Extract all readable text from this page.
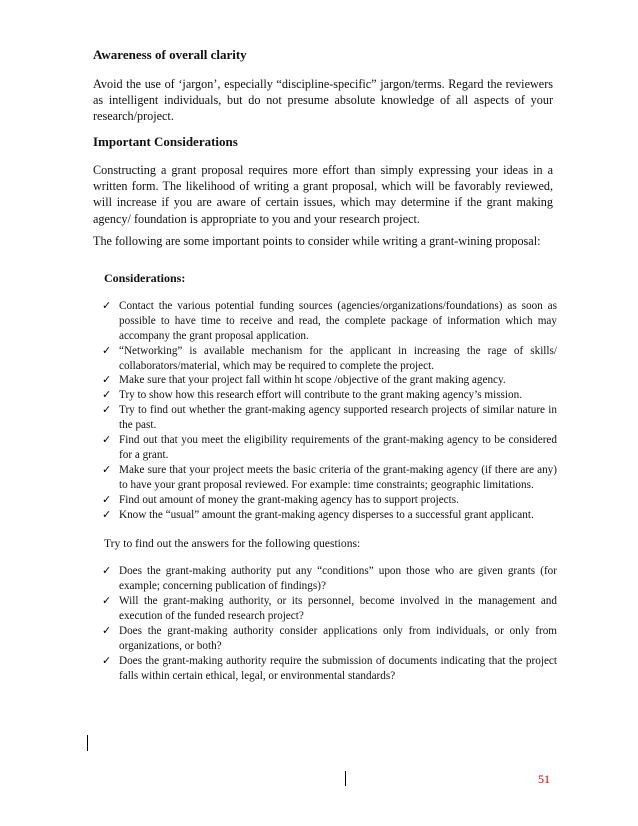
Awareness of overall clarity
Avoid the use of ‘jargon’, especially “discipline-specific” jargon/terms. Regard the reviewers as intelligent individuals, but do not presume absolute knowledge of all aspects of your research/project.
Important Considerations
Constructing a grant proposal requires more effort than simply expressing your ideas in a written form. The likelihood of writing a grant proposal, which will be favorably reviewed, will increase if you are aware of certain issues, which may determine if the grant making agency/ foundation is appropriate to you and your research project.
The following are some important points to consider while writing a grant-wining proposal:
Considerations:
✓ Contact the various potential funding sources (agencies/organizations/foundations) as soon as possible to have time to receive and read, the complete package of information which may accompany the grant proposal application.
✓ “Networking” is available mechanism for the applicant in increasing the rage of skills/ collaborators/material, which may be required to complete the project.
✓ Make sure that your project fall within ht scope /objective of the grant making agency.
✓ Try to show how this research effort will contribute to the grant making agency’s mission.
✓ Try to find out whether the grant-making agency supported research projects of similar nature in the past.
✓ Find out that you meet the eligibility requirements of the grant-making agency to be considered for a grant.
✓ Make sure that your project meets the basic criteria of the grant-making agency (if there are any) to have your grant proposal reviewed. For example: time constraints; geographic limitations.
✓ Find out amount of money the grant-making agency has to support projects.
✓ Know the “usual” amount the grant-making agency disperses to a successful grant applicant.
Try to find out the answers for the following questions:
✓ Does the grant-making authority put any “conditions” upon those who are given grants (for example; concerning publication of findings)?
✓ Will the grant-making authority, or its personnel, become involved in the management and execution of the funded research project?
✓ Does the grant-making authority consider applications only from individuals, or only from organizations, or both?
✓ Does the grant-making authority require the submission of documents indicating that the project falls within certain ethical, legal, or environmental standards?
51
